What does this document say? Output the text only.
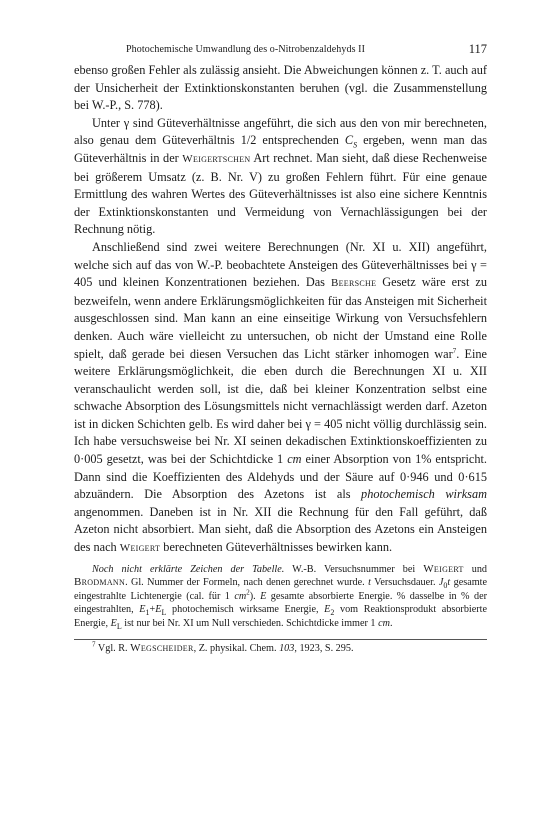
Photochemische Umwandlung des o-Nitrobenzaldehyds II	117

ebenso großen Fehler als zulässig ansieht. Die Abweichungen können z. T. auch auf der Unsicherheit der Extinktionskonstanten beruhen (vgl. die Zusammenstellung bei W.-P., S. 778).

Unter γ sind Güteverhältnisse angeführt, die sich aus den von mir berechneten, also genau dem Güteverhältnis 1/2 entsprechenden $C_S$ ergeben, wenn man das Güteverhältnis in der Weigertschen Art rechnet. Man sieht, daß diese Rechenweise bei größerem Umsatz (z. B. Nr. V) zu großen Fehlern führt. Für eine genaue Ermittlung des wahren Wertes des Güteverhältnisses ist also eine sichere Kenntnis der Extinktionskonstanten und Vermeidung von Vernachlässigungen bei der Rechnung nötig.

Anschließend sind zwei weitere Berechnungen (Nr. XI u. XII) angeführt, welche sich auf das von W.-P. beobachtete Ansteigen des Güteverhältnisses bei γ = 405 und kleinen Konzentrationen beziehen. Das Beersche Gesetz wäre erst zu bezweifeln, wenn andere Erklärungsmöglichkeiten für das Ansteigen mit Sicherheit ausgeschlossen sind. Man kann an eine einseitige Wirkung von Versuchsfehlern denken. Auch wäre vielleicht zu untersuchen, ob nicht der Umstand eine Rolle spielt, daß gerade bei diesen Versuchen das Licht stärker inhomogen war$^7$. Eine weitere Erklärungsmöglichkeit, die eben durch die Berechnungen XI u. XII veranschaulicht werden soll, ist die, daß bei kleiner Konzentration selbst eine schwache Absorption des Lösungsmittels nicht vernachlässigt werden darf. Azeton ist in dicken Schichten gelb. Es wird daher bei γ = 405 nicht völlig durchlässig sein. Ich habe versuchsweise bei Nr. XI seinen dekadischen Extinktionskoeffizienten zu 0·005 gesetzt, was bei der Schichtdicke 1 cm einer Absorption von 1% entspricht. Dann sind die Koeffizienten des Aldehyds und der Säure auf 0·946 und 0·615 abzuändern. Die Absorption des Azetons ist als photochemisch wirksam angenommen. Daneben ist in Nr. XII die Rechnung für den Fall geführt, daß Azeton nicht absorbiert. Man sieht, daß die Absorption des Azetons ein Ansteigen des nach Weigert berechneten Güteverhältnisses bewirken kann.

Noch nicht erklärte Zeichen der Tabelle. W.-B. Versuchsnummer bei Weigert und Brodmann. Gl. Nummer der Formeln, nach denen gerechnet wurde. t Versuchsdauer. $J_0t$ gesamte eingestrahlte Lichtenergie (cal. für 1 $cm^2$). E gesamte absorbierte Energie. % dasselbe in % der eingestrahlten, $E_1+E_L$ photochemisch wirksame Energie, $E_2$ vom Reaktionsprodukt absorbierte Energie, $E_L$ ist nur bei Nr. XI um Null verschieden. Schichtdicke immer 1 cm.

$^7$ Vgl. R. Wegscheider, Z. physikal. Chem. 103, 1923, S. 295.
